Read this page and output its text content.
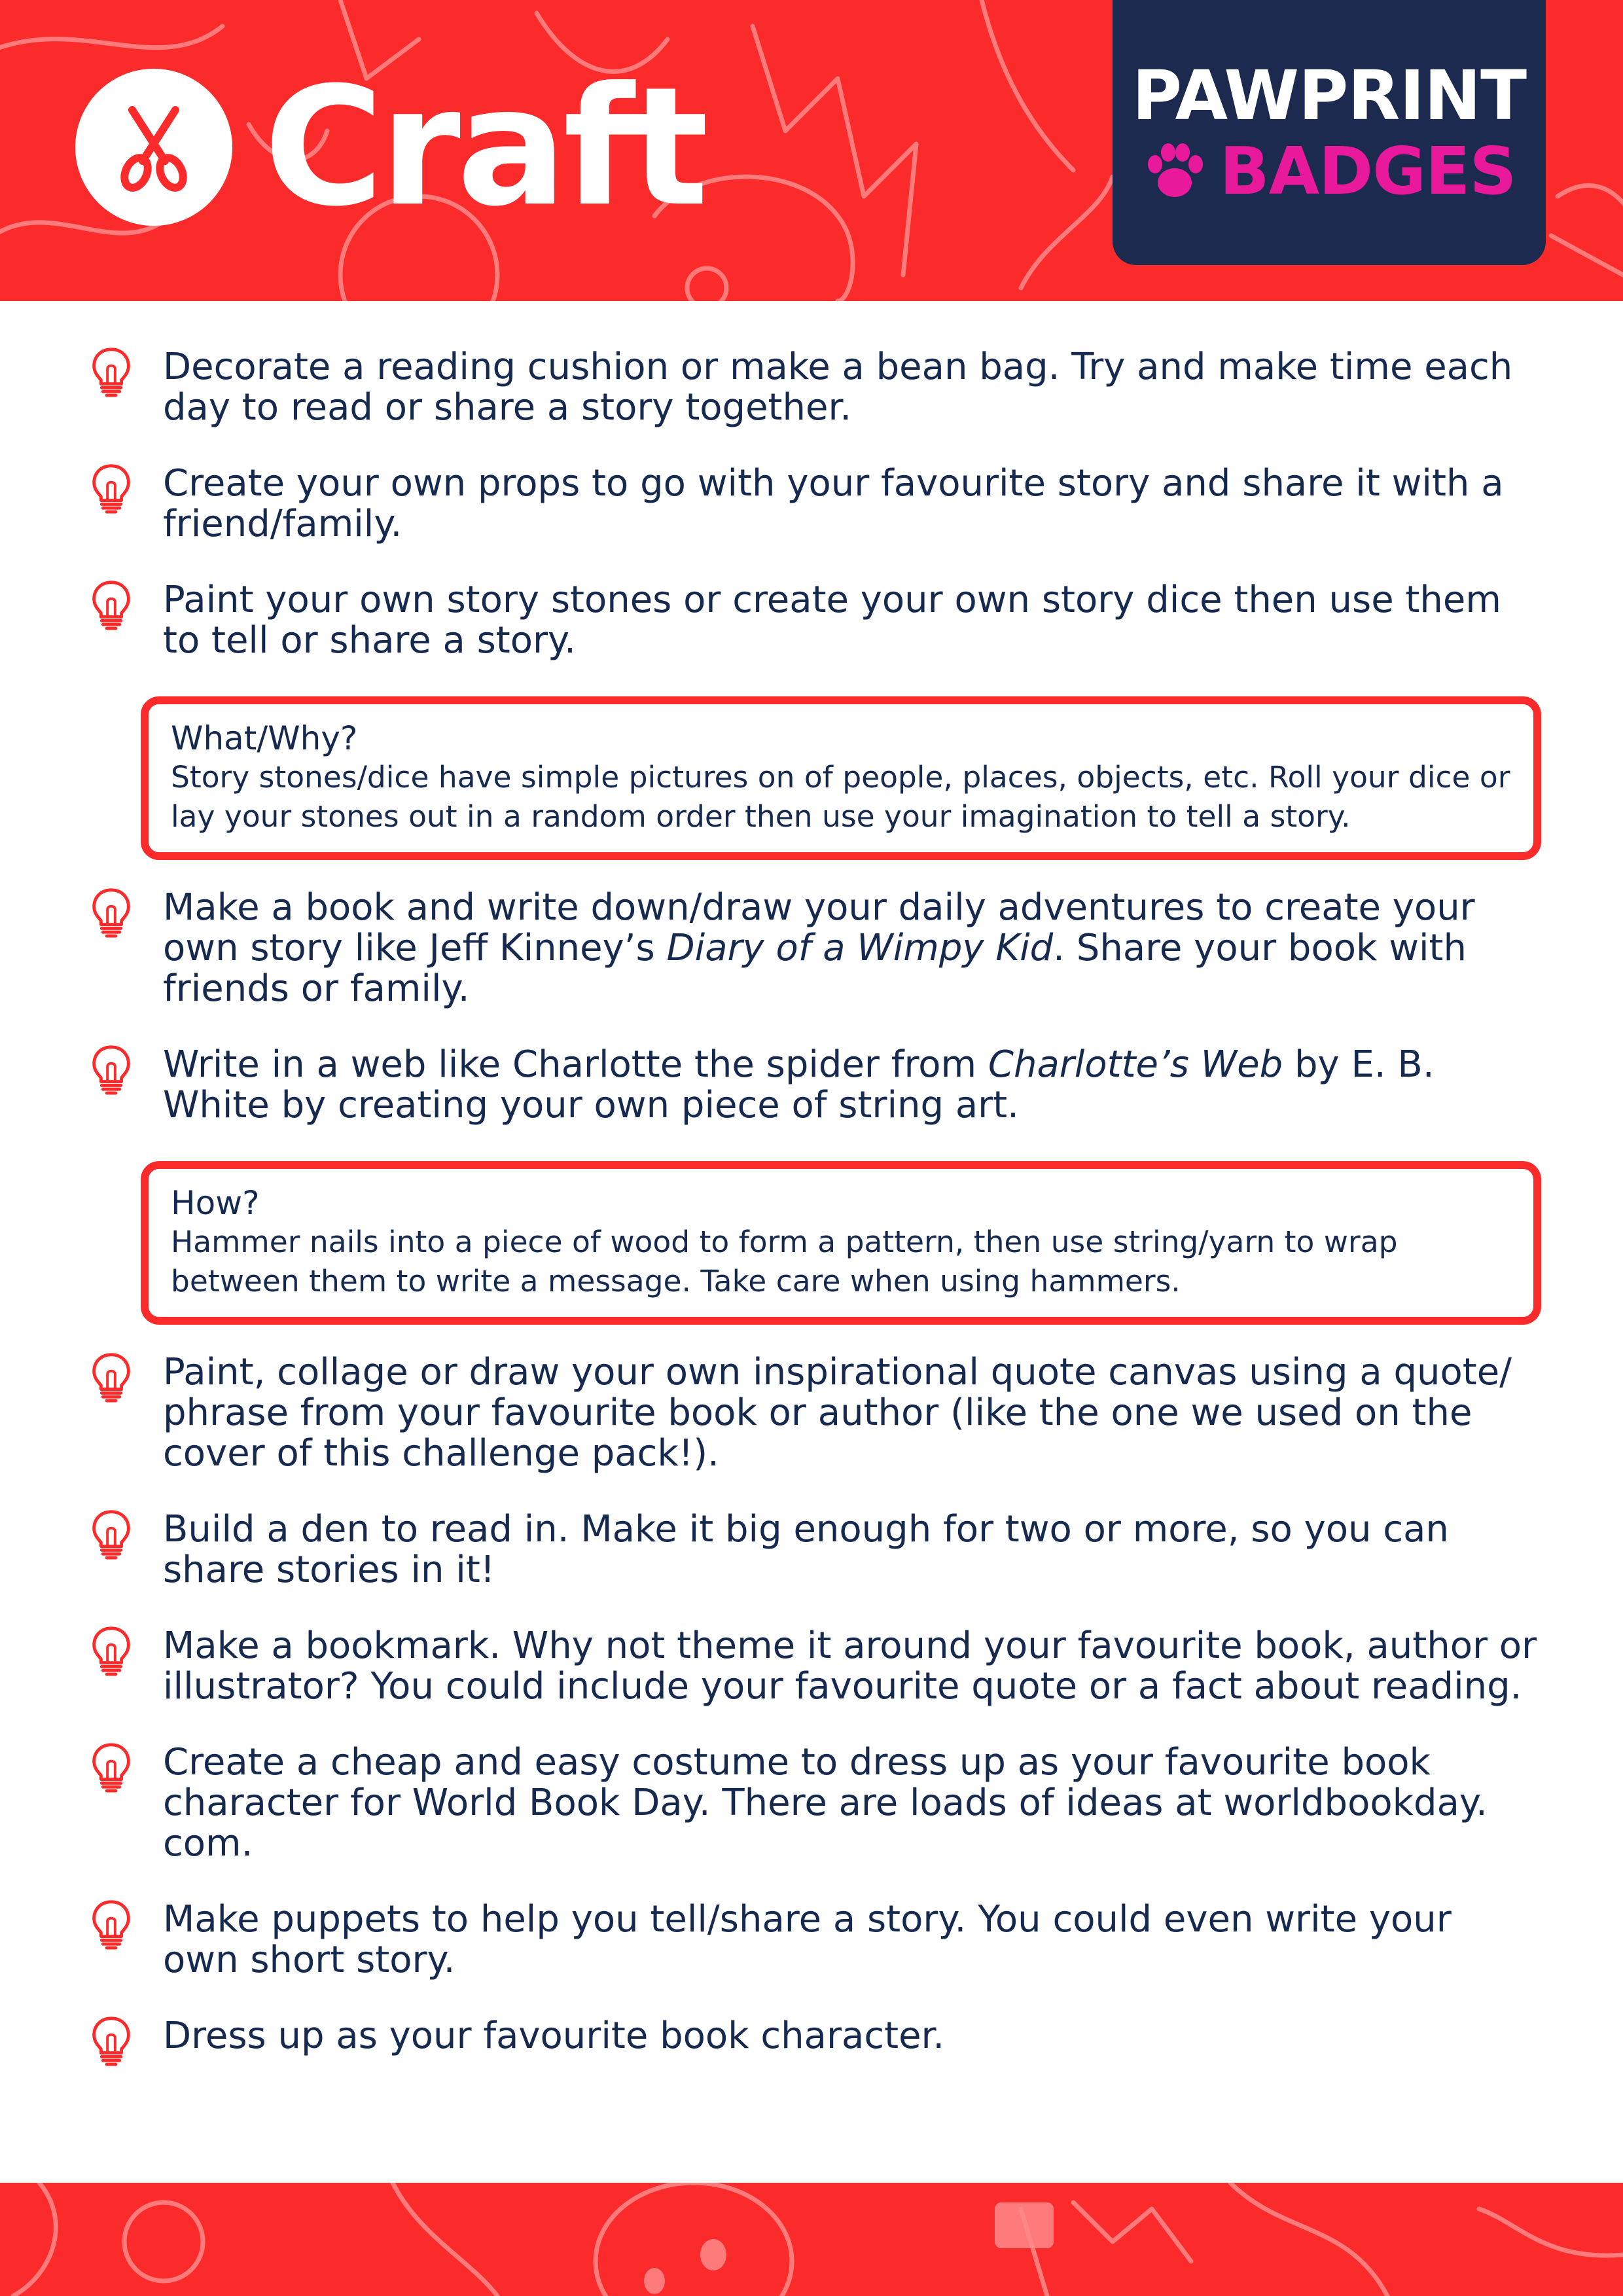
Craft	PAWPRINT
BADGES
Decorate a reading cushion or make a bean bag. Try and make time each day to read or share a story together.
Create your own props to go with your favourite story and share it with a friend/family.
Paint your own story stones or create your own story dice then use them to tell or share a story.
What/Why?
Story stones/dice have simple pictures on of people, places, objects, etc. Roll your dice or lay your stones out in a random order then use your imagination to tell a story.
Make a book and write down/draw your daily adventures to create your own story like Jeff Kinney’s Diary of a Wimpy Kid. Share your book with friends or family.
Write in a web like Charlotte the spider from Charlotte’s Web by E. B. White by creating your own piece of string art.
How?
Hammer nails into a piece of wood to form a pattern, then use string/yarn to wrap between them to write a message. Take care when using hammers.
Paint, collage or draw your own inspirational quote canvas using a quote/ phrase from your favourite book or author (like the one we used on the cover of this challenge pack!).
Build a den to read in. Make it big enough for two or more, so you can share stories in it!
Make a bookmark. Why not theme it around your favourite book, author or illustrator? You could include your favourite quote or a fact about reading.
Create a cheap and easy costume to dress up as your favourite book character for World Book Day. There are loads of ideas at worldbookday. com.
Make puppets to help you tell/share a story. You could even write your own short story.
Dress up as your favourite book character.
